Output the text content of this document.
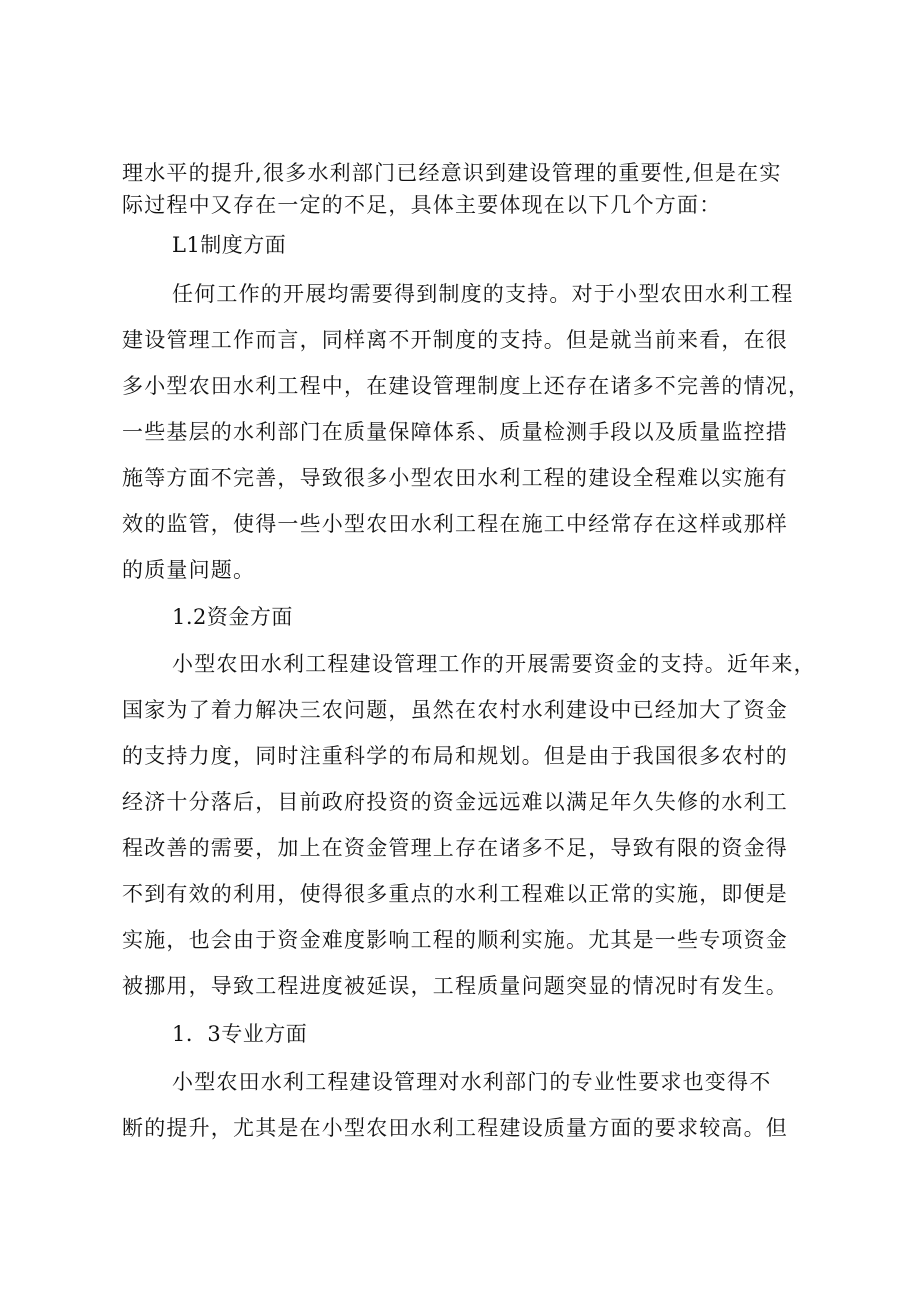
理水平的提升,很多水利部门已经意识到建设管理的重要性,但是在实
际过程中又存在一定的不足，具体主要体现在以下几个方面：
L1制度方面
任何工作的开展均需要得到制度的支持。对于小型农田水利工程
建设管理工作而言，同样离不开制度的支持。但是就当前来看，在很
多小型农田水利工程中，在建设管理制度上还存在诸多不完善的情况，
一些基层的水利部门在质量保障体系、质量检测手段以及质量监控措
施等方面不完善，导致很多小型农田水利工程的建设全程难以实施有
效的监管，使得一些小型农田水利工程在施工中经常存在这样或那样
的质量问题。
1.2资金方面
小型农田水利工程建设管理工作的开展需要资金的支持。近年来，
国家为了着力解决三农问题，虽然在农村水利建设中已经加大了资金
的支持力度，同时注重科学的布局和规划。但是由于我国很多农村的
经济十分落后，目前政府投资的资金远远难以满足年久失修的水利工
程改善的需要，加上在资金管理上存在诸多不足，导致有限的资金得
不到有效的利用，使得很多重点的水利工程难以正常的实施，即便是
实施，也会由于资金难度影响工程的顺利实施。尤其是一些专项资金
被挪用，导致工程进度被延误，工程质量问题突显的情况时有发生。
1．3专业方面
小型农田水利工程建设管理对水利部门的专业性要求也变得不
断的提升，尤其是在小型农田水利工程建设质量方面的要求较高。但
